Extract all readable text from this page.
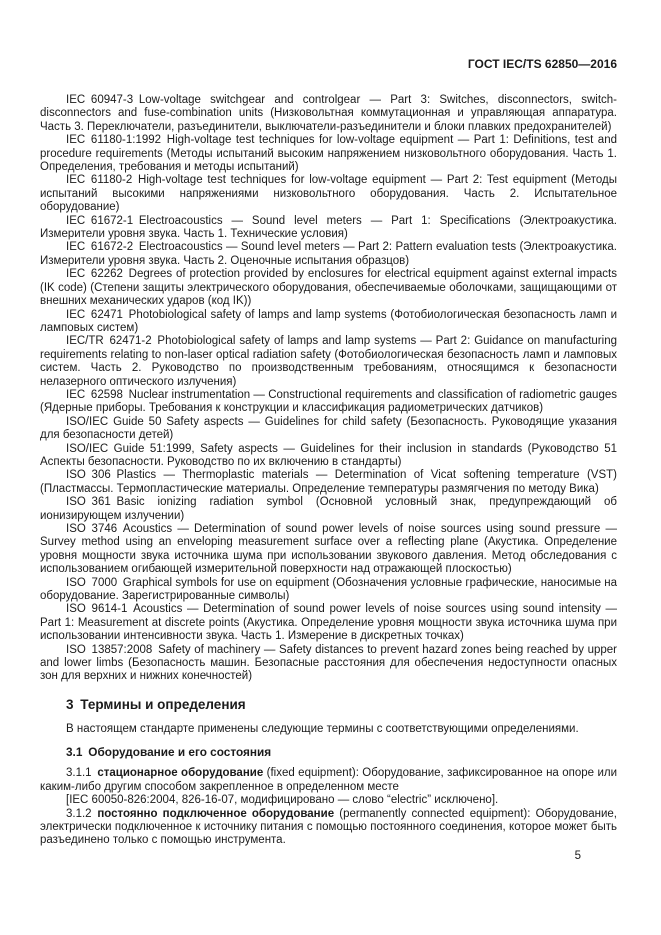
ГОСТ IEC/TS 62850—2016

IEC 60947-3 Low-voltage switchgear and controlgear — Part 3: Switches, disconnectors, switch-disconnectors and fuse-combination units (Низковольтная коммутационная и управляющая аппаратура. Часть 3. Переключатели, разъединители, выключатели-разъединители и блоки плавких предохранителей)

IEC 61180-1:1992 High-voltage test techniques for low-voltage equipment — Part 1: Definitions, test and procedure requirements (Методы испытаний высоким напряжением низковольтного оборудования. Часть 1. Определения, требования и методы испытаний)

IEC 61180-2 High-voltage test techniques for low-voltage equipment — Part 2: Test equipment (Методы испытаний высокими напряжениями низковольтного оборудования. Часть 2. Испытательное оборудование)

IEC 61672-1 Electroacoustics — Sound level meters — Part 1: Specifications (Электроакустика. Измерители уровня звука. Часть 1. Технические условия)

IEC 61672-2 Electroacoustics — Sound level meters — Part 2: Pattern evaluation tests (Электроакустика. Измерители уровня звука. Часть 2. Оценочные испытания образцов)

IEC 62262 Degrees of protection provided by enclosures for electrical equipment against external impacts (IK code) (Степени защиты электрического оборудования, обеспечиваемые оболочками, защищающими от внешних механических ударов (код IK))

IEC 62471 Photobiological safety of lamps and lamp systems (Фотобиологическая безопасность ламп и ламповых систем)

IEC/TR 62471-2 Photobiological safety of lamps and lamp systems — Part 2: Guidance on manufacturing requirements relating to non-laser optical radiation safety (Фотобиологическая безопасность ламп и ламповых систем. Часть 2. Руководство по производственным требованиям, относящимся к безопасности нелазерного оптического излучения)

IEC 62598 Nuclear instrumentation — Constructional requirements and classification of radiometric gauges (Ядерные приборы. Требования к конструкции и классификация радиометрических датчиков)

ISO/IEC Guide 50 Safety aspects — Guidelines for child safety (Безопасность. Руководящие указания для безопасности детей)

ISO/IEC Guide 51:1999, Safety aspects — Guidelines for their inclusion in standards (Руководство 51 Аспекты безопасности. Руководство по их включению в стандарты)

ISO 306 Plastics — Thermoplastic materials — Determination of Vicat softening temperature (VST) (Пластмассы. Термопластические материалы. Определение температуры размягчения по методу Вика)

ISO 361 Basic ionizing radiation symbol (Основной условный знак, предупреждающий об ионизирующем излучении)

ISO 3746 Acoustics — Determination of sound power levels of noise sources using sound pressure — Survey method using an enveloping measurement surface over a reflecting plane (Акустика. Определение уровня мощности звука источника шума при использовании звукового давления. Метод обследования с использованием огибающей измерительной поверхности над отражающей плоскостью)

ISO 7000 Graphical symbols for use on equipment (Обозначения условные графические, наносимые на оборудование. Зарегистрированные символы)

ISO 9614-1 Acoustics — Determination of sound power levels of noise sources using sound intensity — Part 1: Measurement at discrete points (Акустика. Определение уровня мощности звука источника шума при использовании интенсивности звука. Часть 1. Измерение в дискретных точках)

ISO 13857:2008 Safety of machinery — Safety distances to prevent hazard zones being reached by upper and lower limbs (Безопасность машин. Безопасные расстояния для обеспечения недоступности опасных зон для верхних и нижних конечностей)

3 Термины и определения

В настоящем стандарте применены следующие термины с соответствующими определениями.

3.1 Оборудование и его состояния

3.1.1 стационарное оборудование (fixed equipment): Оборудование, зафиксированное на опоре или каким-либо другим способом закрепленное в определенном месте

[IEC 60050-826:2004, 826-16-07, модифицировано — слово “electric” исключено].

3.1.2 постоянно подключенное оборудование (permanently connected equipment): Оборудование, электрически подключенное к источнику питания с помощью постоянного соединения, которое может быть разъединено только с помощью инструмента.

5
